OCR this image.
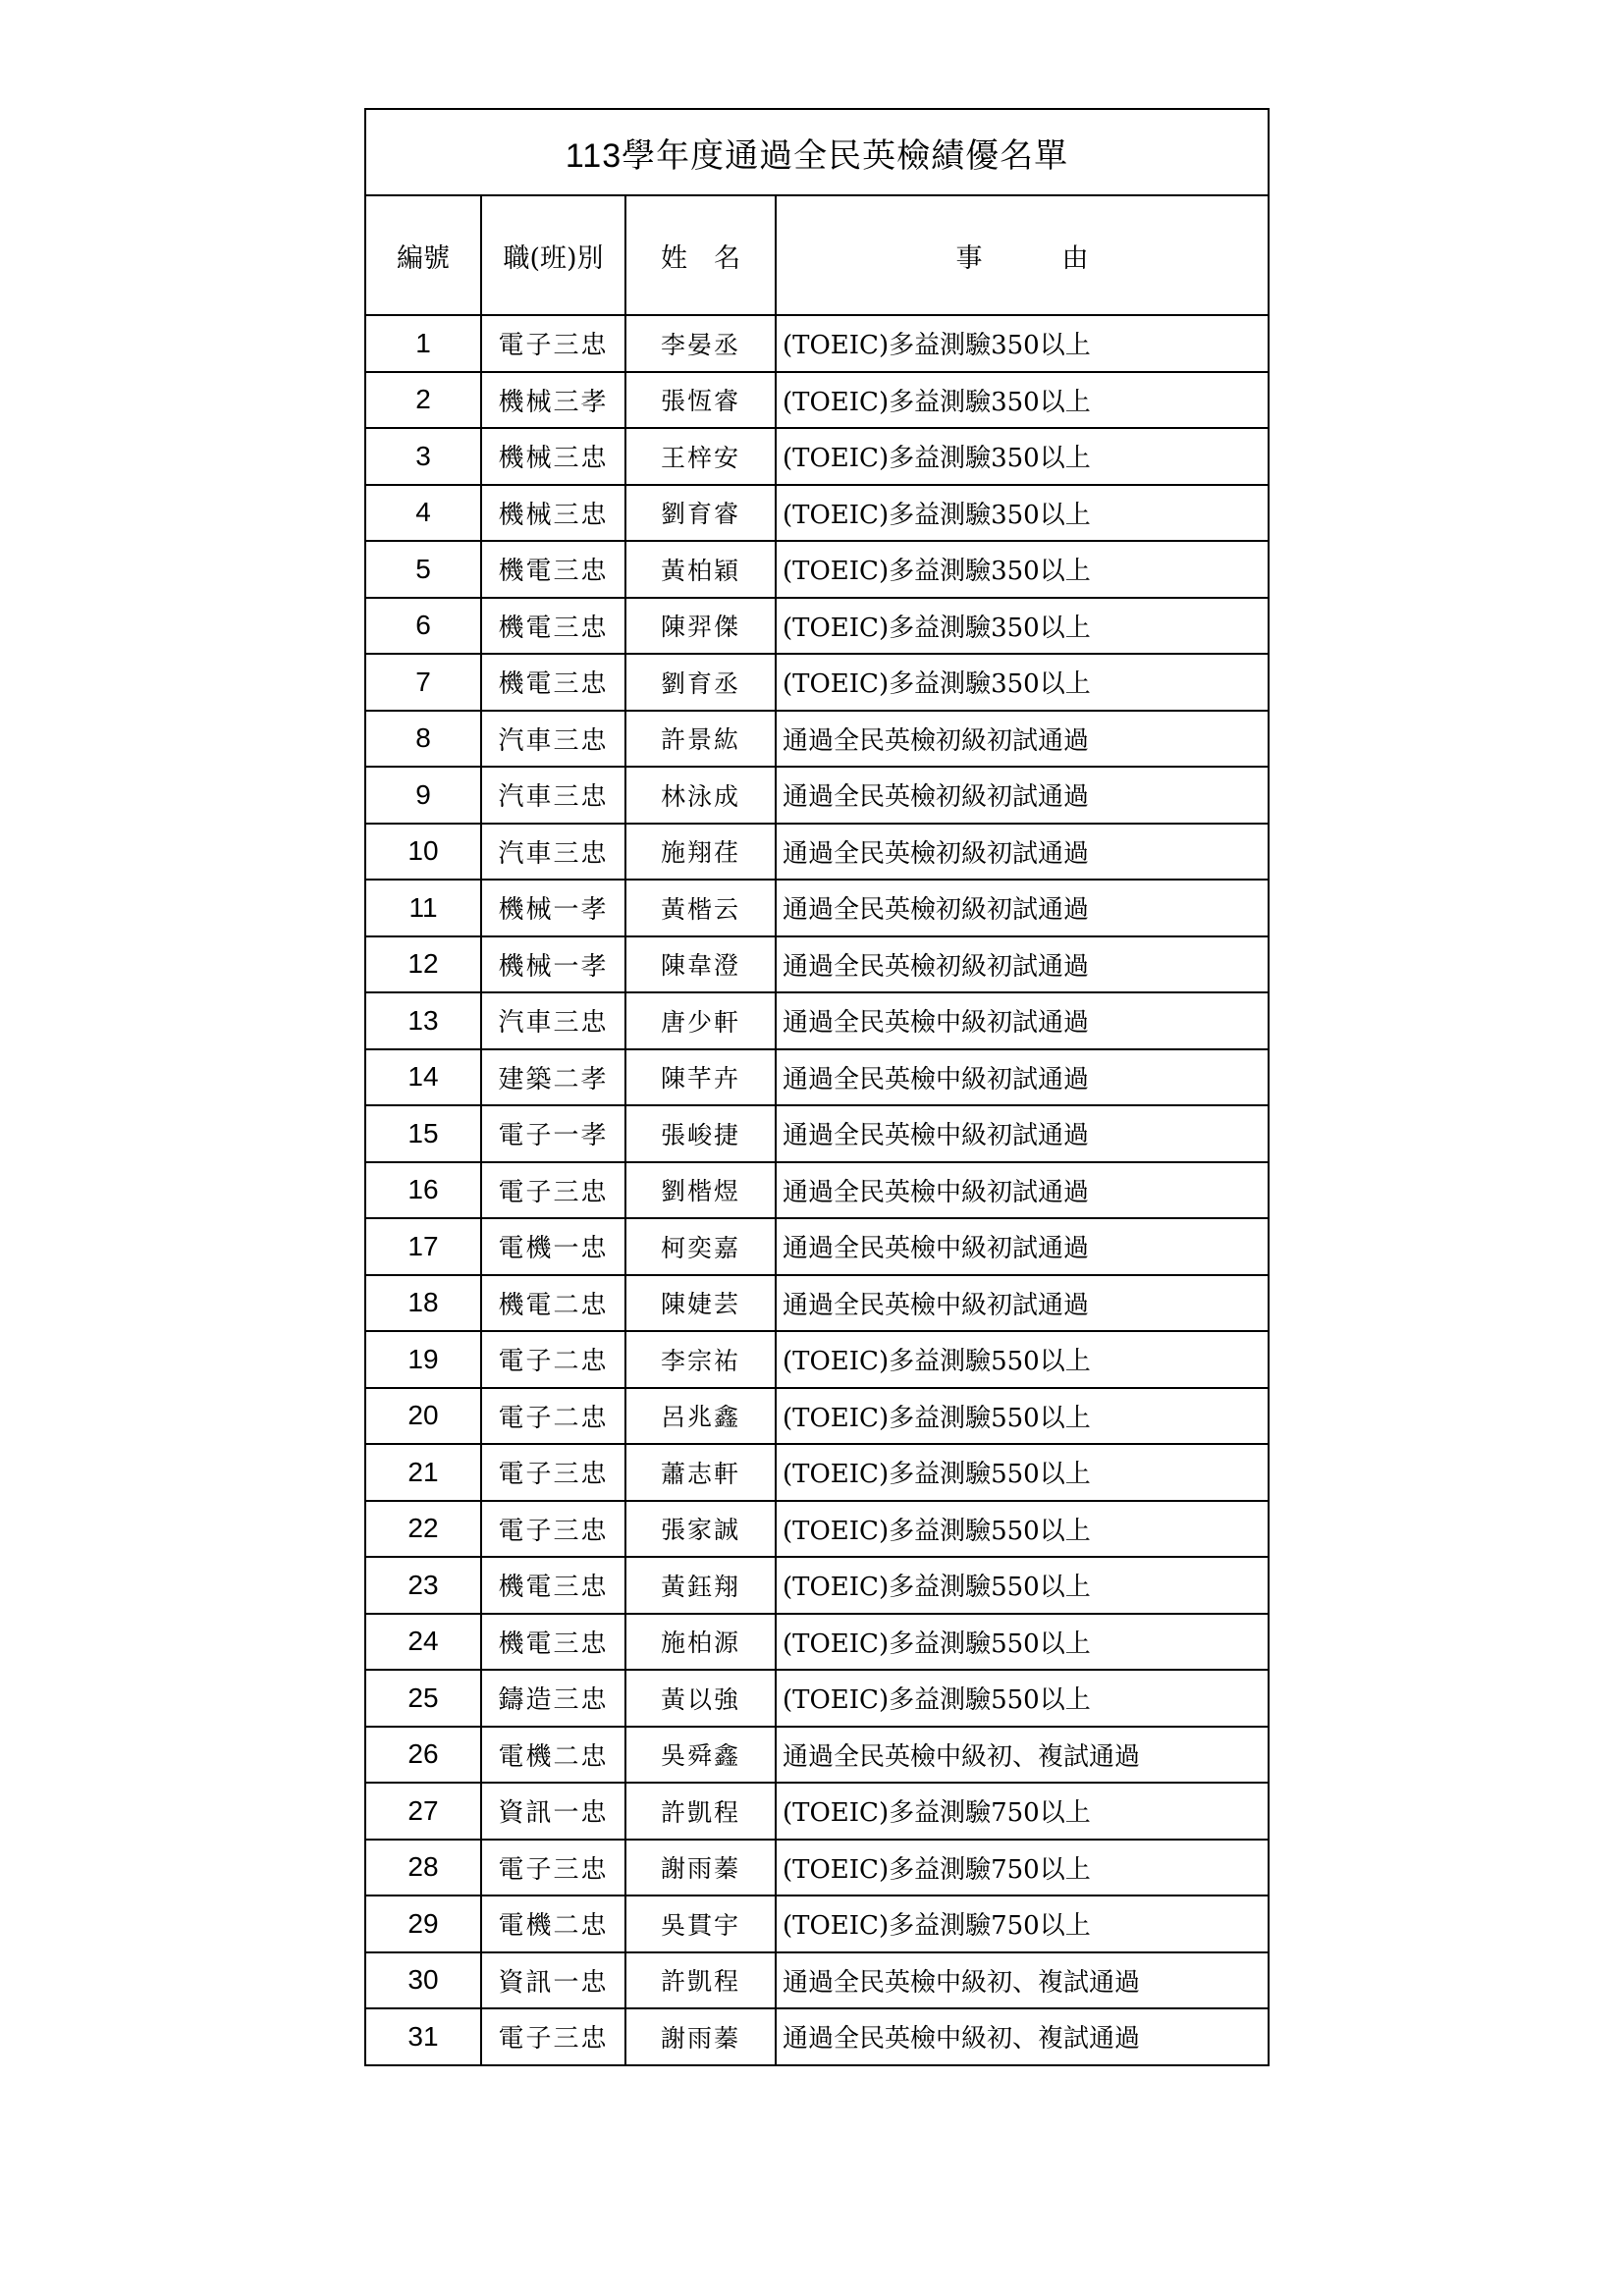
113學年度通過全民英檢績優名單			
編號	職(班)別	姓　名	事　　　由
1	電子三忠	李晏丞	(TOEIC)多益測驗350以上
2	機械三孝	張恆睿	(TOEIC)多益測驗350以上
3	機械三忠	王梓安	(TOEIC)多益測驗350以上
4	機械三忠	劉育睿	(TOEIC)多益測驗350以上
5	機電三忠	黃柏穎	(TOEIC)多益測驗350以上
6	機電三忠	陳羿傑	(TOEIC)多益測驗350以上
7	機電三忠	劉育丞	(TOEIC)多益測驗350以上
8	汽車三忠	許景紘	通過全民英檢初級初試通過
9	汽車三忠	林泳成	通過全民英檢初級初試通過
10	汽車三忠	施翔荏	通過全民英檢初級初試通過
11	機械一孝	黃楷云	通過全民英檢初級初試通過
12	機械一孝	陳韋澄	通過全民英檢初級初試通過
13	汽車三忠	唐少軒	通過全民英檢中級初試通過
14	建築二孝	陳芊卉	通過全民英檢中級初試通過
15	電子一孝	張峻捷	通過全民英檢中級初試通過
16	電子三忠	劉楷煜	通過全民英檢中級初試通過
17	電機一忠	柯奕嘉	通過全民英檢中級初試通過
18	機電二忠	陳婕芸	通過全民英檢中級初試通過
19	電子二忠	李宗祐	(TOEIC)多益測驗550以上
20	電子二忠	呂兆鑫	(TOEIC)多益測驗550以上
21	電子三忠	蕭志軒	(TOEIC)多益測驗550以上
22	電子三忠	張家誠	(TOEIC)多益測驗550以上
23	機電三忠	黃鈺翔	(TOEIC)多益測驗550以上
24	機電三忠	施柏源	(TOEIC)多益測驗550以上
25	鑄造三忠	黃以強	(TOEIC)多益測驗550以上
26	電機二忠	吳舜鑫	通過全民英檢中級初、複試通過
27	資訊一忠	許凱程	(TOEIC)多益測驗750以上
28	電子三忠	謝雨蓁	(TOEIC)多益測驗750以上
29	電機二忠	吳貫宇	(TOEIC)多益測驗750以上
30	資訊一忠	許凱程	通過全民英檢中級初、複試通過
31	電子三忠	謝雨蓁	通過全民英檢中級初、複試通過
